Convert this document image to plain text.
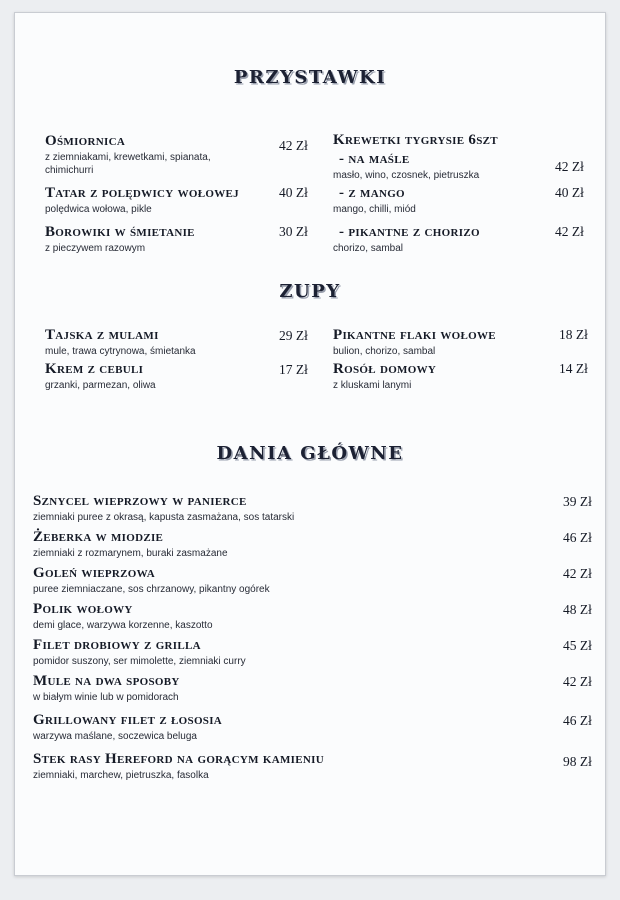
PRZYSTAWKI
Ośmiornica
z ziemniakami, krewetkami, spianata,
chimichurri
42 Zł
Tatar z polędwicy wołowej
polędwica wołowa, pikle
40 Zł
Borowiki w śmietanie
z pieczywem razowym
30 Zł
Krewetki tygrysie 6szt
- na maśle
masło, wino, czosnek, pietruszka
42 Zł
- z mango
mango, chilli, miód
40 Zł
- pikantne z chorizo
chorizo, sambal
42 Zł
ZUPY
Tajska z mulami
mule, trawa cytrynowa, śmietanka
29 Zł
Krem z cebuli
grzanki, parmezan, oliwa
17 Zł
Pikantne flaki wołowe
bulion, chorizo, sambal
18 Zł
Rosół domowy
z kluskami lanymi
14 Zł
DANIA GŁÓWNE
Sznycel wieprzowy w panierce
ziemniaki puree z okrasą, kapusta zasmażana, sos tatarski
39 Zł
Żeberka w miodzie
ziemniaki z rozmarynem, buraki zasmażane
46 Zł
Goleń wieprzowa
puree ziemniaczane, sos chrzanowy, pikantny ogórek
42 Zł
Polik wołowy
demi glace, warzywa korzenne, kaszotto
48 Zł
Filet drobiowy z grilla
pomidor suszony, ser mimolette, ziemniaki curry
45 Zł
Mule na dwa sposoby
w białym winie lub w pomidorach
42 Zł
Grillowany filet z łososia
warzywa maślane, soczewica beluga
46 Zł
Stek rasy Hereford na gorącym kamieniu
ziemniaki, marchew, pietruszka, fasolka
98 Zł
